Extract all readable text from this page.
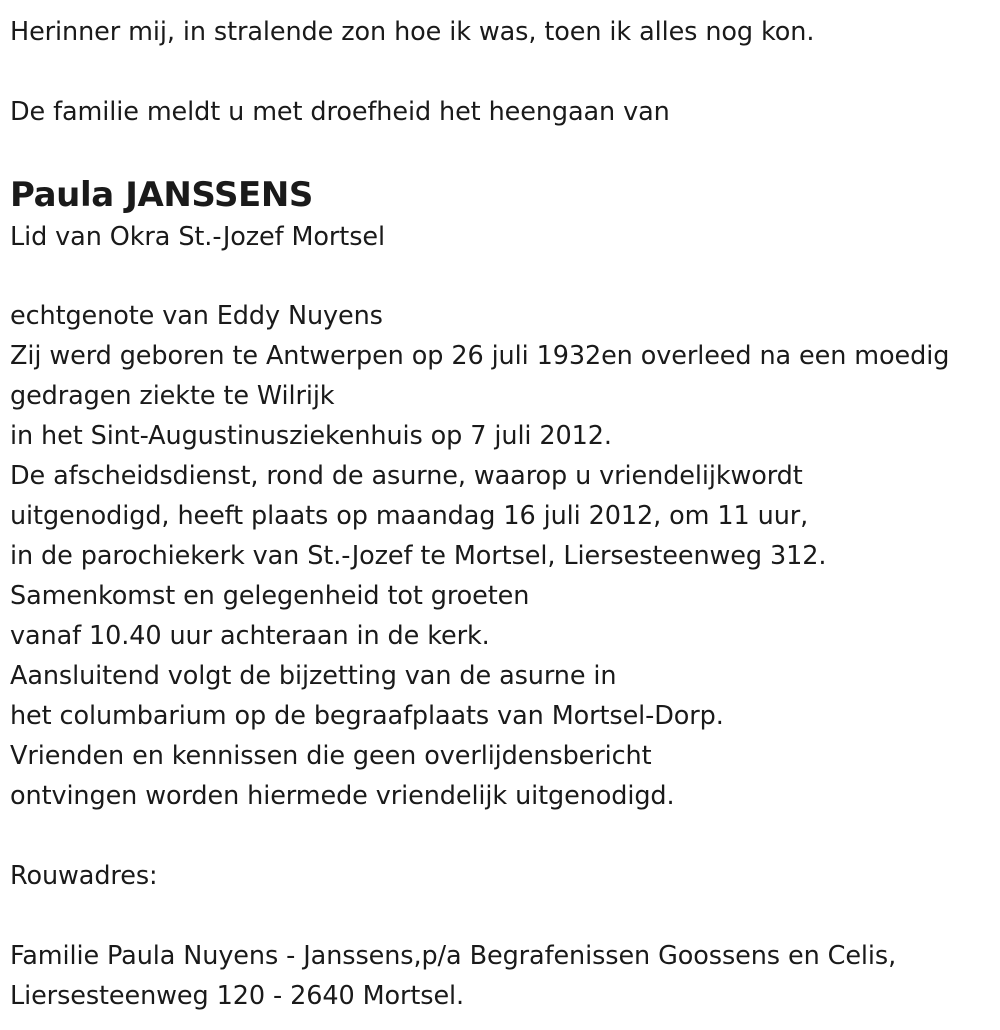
Herinner mij, in stralende zon hoe ik was, toen ik alles nog kon.
De familie meldt u met droefheid het heengaan van
Paula JANSSENS
Lid van Okra St.-Jozef Mortsel
echtgenote van Eddy Nuyens
Zij werd geboren te Antwerpen op 26 juli 1932en overleed na een moedig
gedragen ziekte te Wilrijk
in het Sint-Augustinusziekenhuis op 7 juli 2012.
De afscheidsdienst, rond de asurne, waarop u vriendelijkwordt
uitgenodigd, heeft plaats op maandag 16 juli 2012, om 11 uur,
in de parochiekerk van St.-Jozef te Mortsel, Liersesteenweg 312.
Samenkomst en gelegenheid tot groeten
vanaf 10.40 uur achteraan in de kerk.
Aansluitend volgt de bijzetting van de asurne in
het columbarium op de begraafplaats van Mortsel-Dorp.
Vrienden en kennissen die geen overlijdensbericht
ontvingen worden hiermede vriendelijk uitgenodigd.
Rouwadres:
Familie Paula Nuyens - Janssens,p/a Begrafenissen Goossens en Celis,
Liersesteenweg 120 - 2640 Mortsel.
